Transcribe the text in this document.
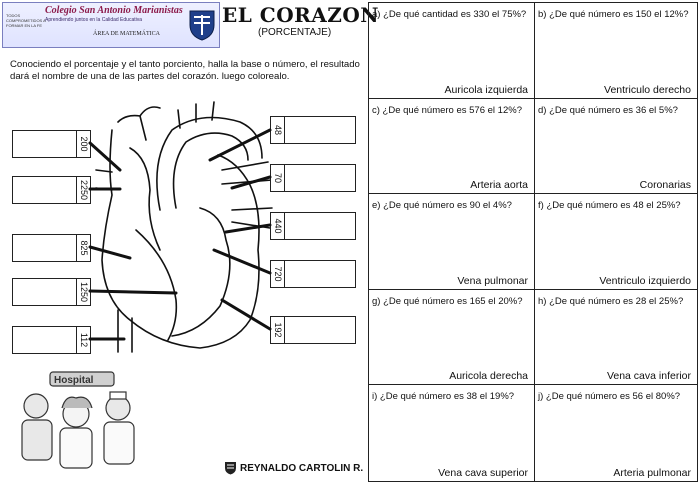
TODOS COMPROMETIDOS A FORMAR EN LA FE
Colegio San Antonio Marianistas
Aprendiendo juntos en la Calidad Educativa
ÁREA DE MATEMÁTICA
EL CORAZON
(PORCENTAJE)
Conociendo el porcentaje y el tanto porciento, halla la base o número, el resultado dará el nombre de una de las partes del corazón. luego colorealo.
200
2250
825
1250
112
48
70
440
720
192
Hospital
REYNALDO CARTOLIN R.
a) ¿De qué cantidad es 330 el 75%?
Auricola izquierda
b) ¿De qué número es 150 el 12%?
Ventriculo derecho
c) ¿De qué número es 576 el 12%?
Arteria aorta
d) ¿De qué número es 36 el 5%?
Coronarias
e) ¿De qué número es 90 el 4%?
Vena pulmonar
f) ¿De qué número es 48 el 25%?
Ventriculo izquierdo
g) ¿De qué número es 165 el 20%?
Auricola derecha
h) ¿De qué número es 28 el 25%?
Vena cava inferior
i) ¿De qué número es 38 el 19%?
Vena cava superior
j) ¿De qué número es 56 el 80%?
Arteria pulmonar
